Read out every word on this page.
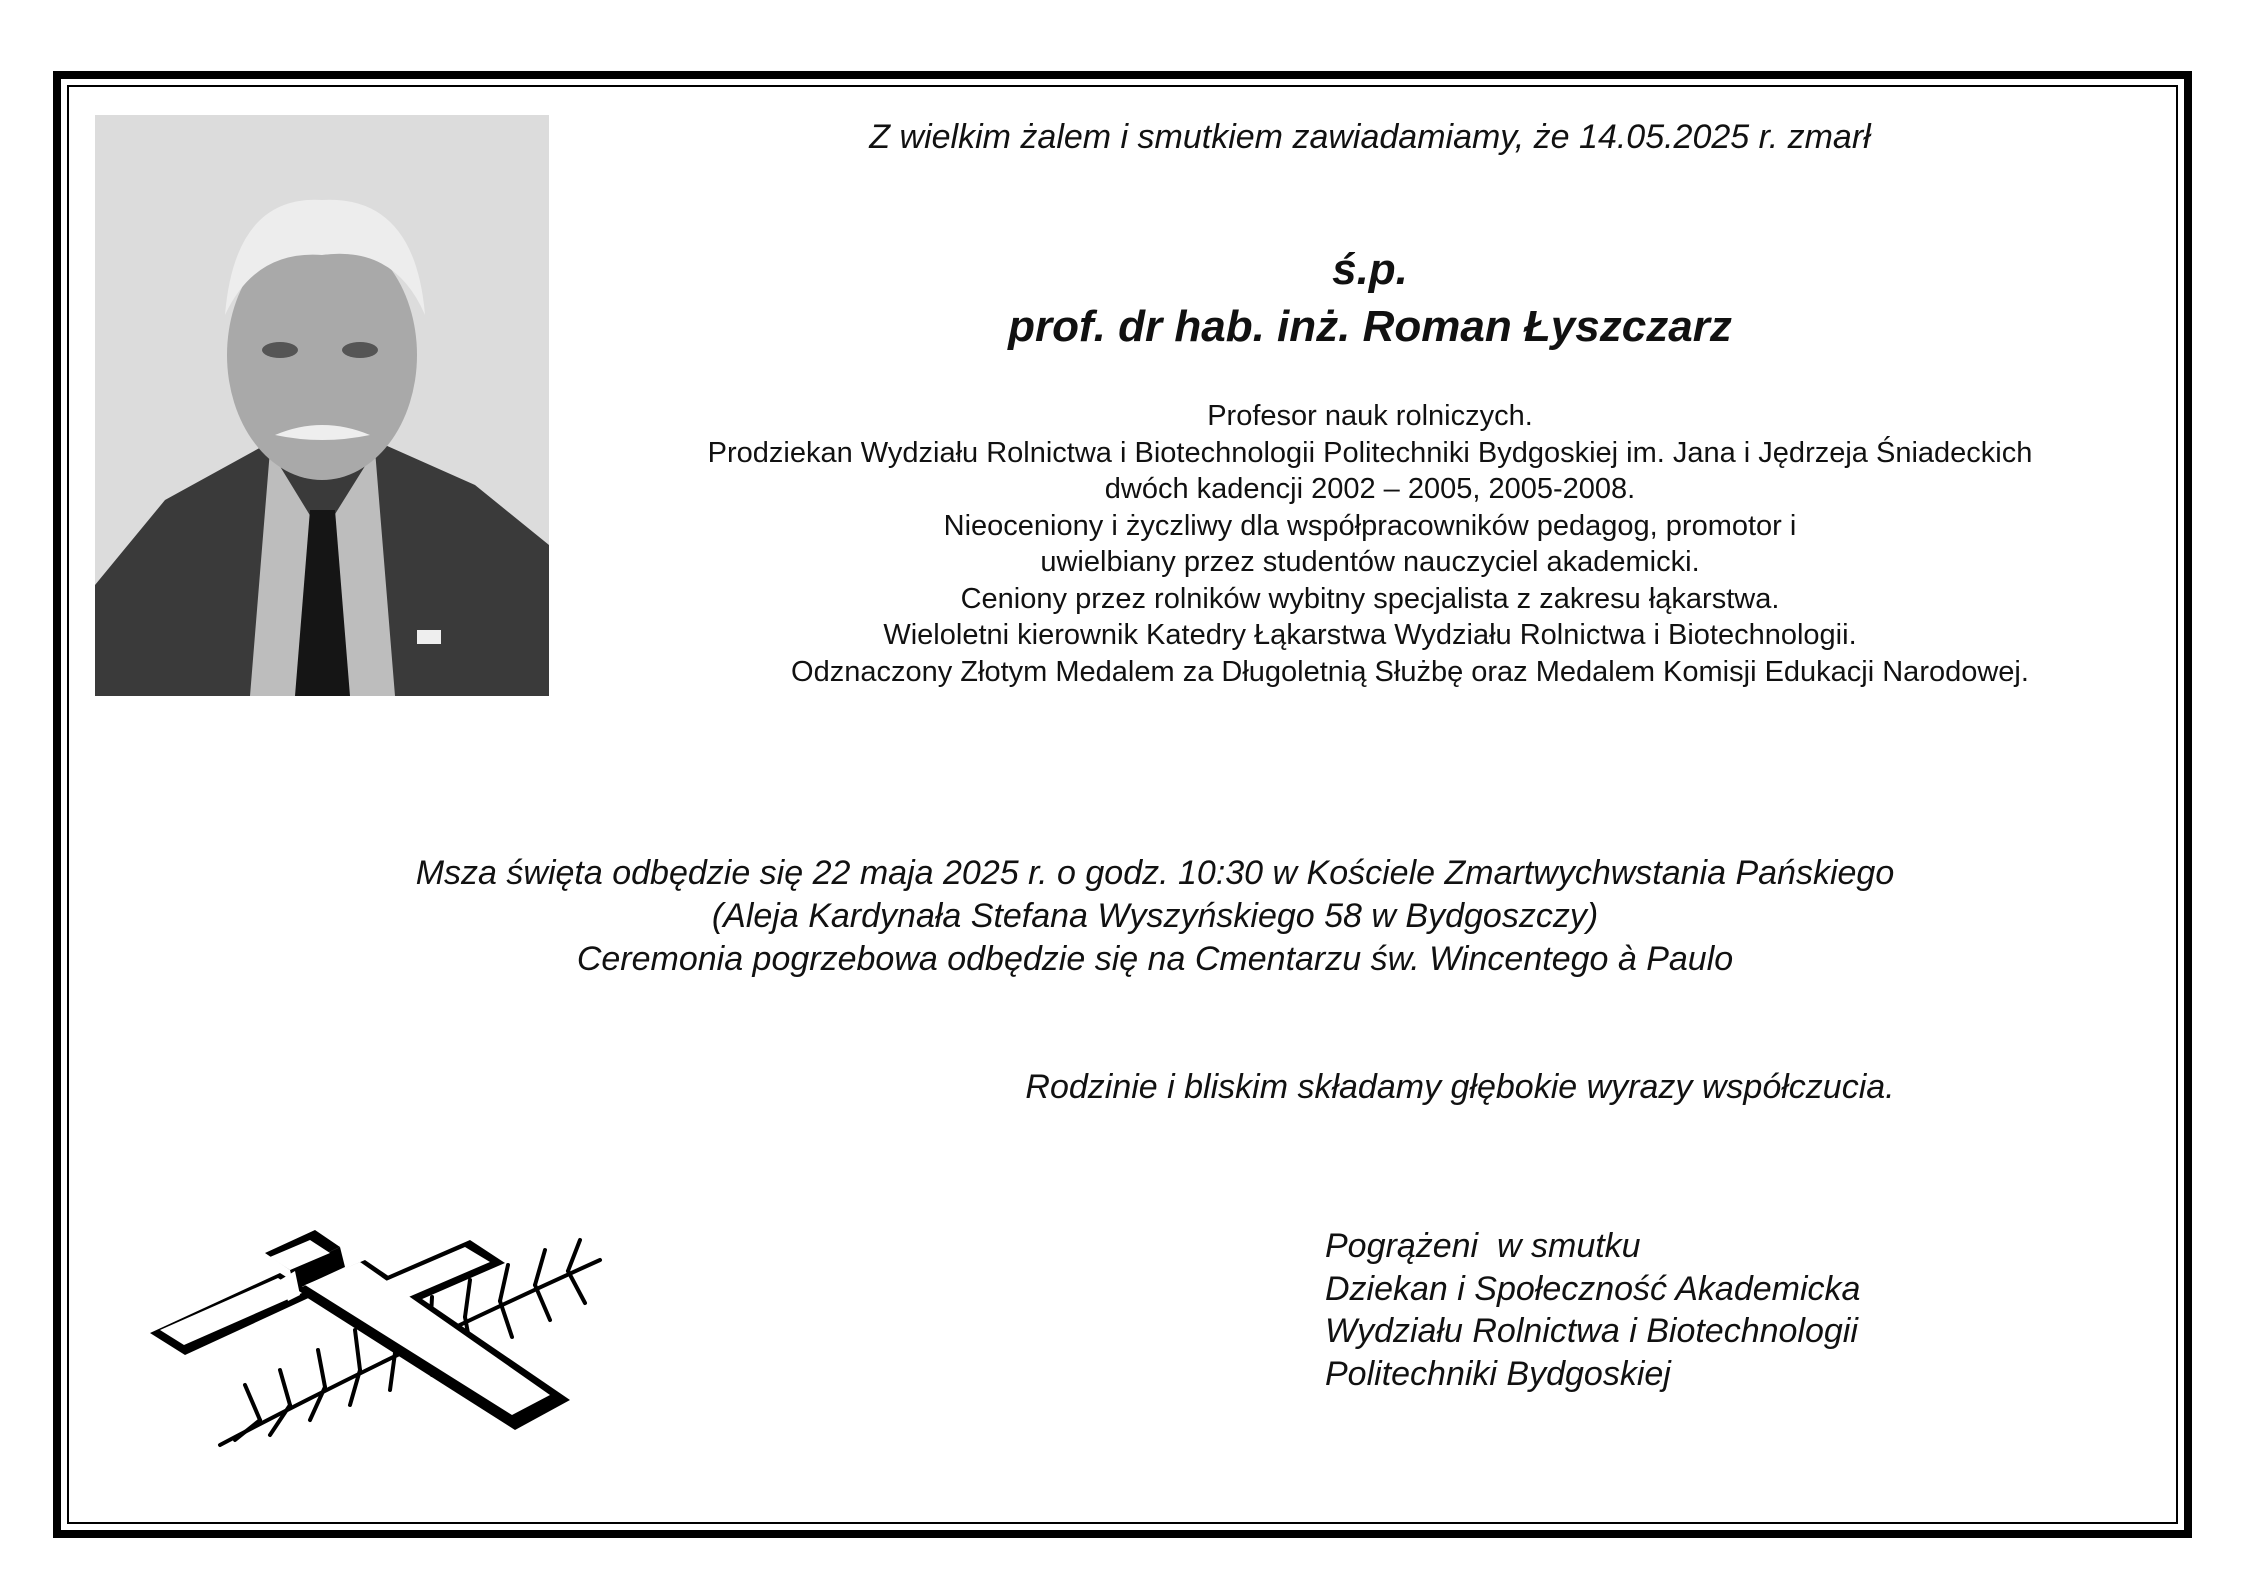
Z wielkim żalem i smutkiem zawiadamiamy, że 14.05.2025 r. zmarł
ś.p.
prof. dr hab. inż. Roman Łyszczarz
Profesor nauk rolniczych.
Prodziekan Wydziału Rolnictwa i Biotechnologii Politechniki Bydgoskiej im. Jana i Jędrzeja Śniadeckich
dwóch kadencji 2002 – 2005, 2005-2008.
Nieoceniony i życzliwy dla współpracowników pedagog, promotor i
uwielbiany przez studentów nauczyciel akademicki.
Ceniony przez rolników wybitny specjalista z zakresu łąkarstwa.
Wieloletni kierownik Katedry Łąkarstwa Wydziału Rolnictwa i Biotechnologii.
Odznaczony Złotym Medalem za Długoletnią Służbę oraz Medalem Komisji Edukacji Narodowej.
Msza święta odbędzie się 22 maja 2025 r. o godz. 10:30 w Kościele Zmartwychwstania Pańskiego
(Aleja Kardynała Stefana Wyszyńskiego 58 w Bydgoszczy)
Ceremonia pogrzebowa odbędzie się na Cmentarzu św. Wincentego à Paulo
Rodzinie i bliskim składamy głębokie wyrazy współczucia.
Pogrążeni  w smutku
Dziekan i Społeczność Akademicka
Wydziału Rolnictwa i Biotechnologii
Politechniki Bydgoskiej
